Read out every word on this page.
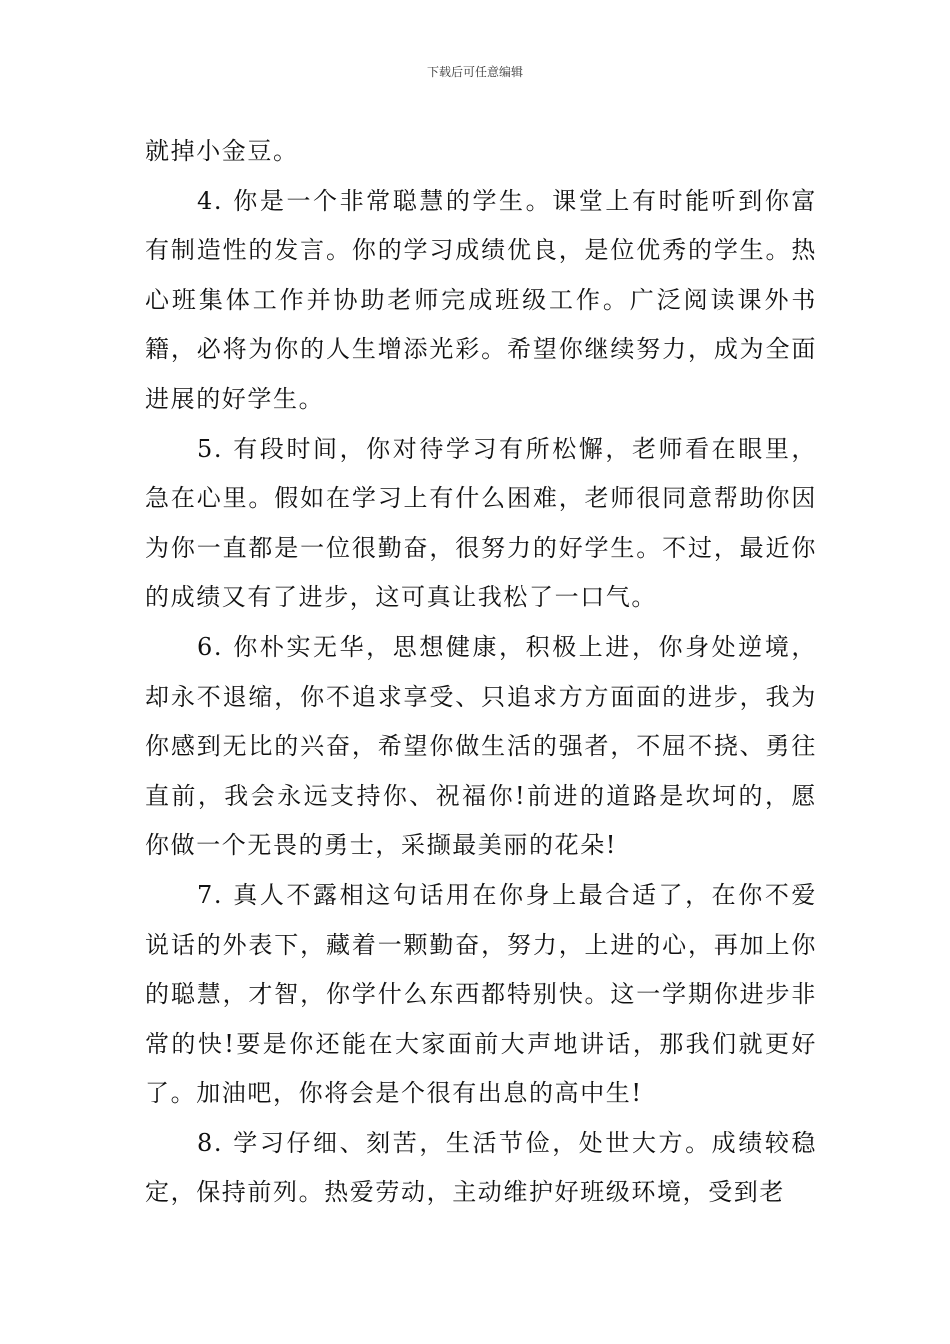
下载后可任意编辑

就掉小金豆。

4. 你是一个非常聪慧的学生。课堂上有时能听到你富有制造性的发言。你的学习成绩优良，是位优秀的学生。热心班集体工作并协助老师完成班级工作。广泛阅读课外书籍，必将为你的人生增添光彩。希望你继续努力，成为全面进展的好学生。

5. 有段时间，你对待学习有所松懈，老师看在眼里，急在心里。假如在学习上有什么困难，老师很同意帮助你因为你一直都是一位很勤奋，很努力的好学生。不过，最近你的成绩又有了进步，这可真让我松了一口气。

6. 你朴实无华，思想健康，积极上进，你身处逆境，却永不退缩，你不追求享受、只追求方方面面的进步，我为你感到无比的兴奋，希望你做生活的强者，不屈不挠、勇往直前，我会永远支持你、祝福你!前进的道路是坎坷的，愿你做一个无畏的勇士，采撷最美丽的花朵!

7. 真人不露相这句话用在你身上最合适了，在你不爱说话的外表下，藏着一颗勤奋，努力，上进的心，再加上你的聪慧，才智，你学什么东西都特别快。这一学期你进步非常的快!要是你还能在大家面前大声地讲话，那我们就更好了。加油吧，你将会是个很有出息的高中生!

8. 学习仔细、刻苦，生活节俭，处世大方。成绩较稳定，保持前列。热爱劳动，主动维护好班级环境，受到老
